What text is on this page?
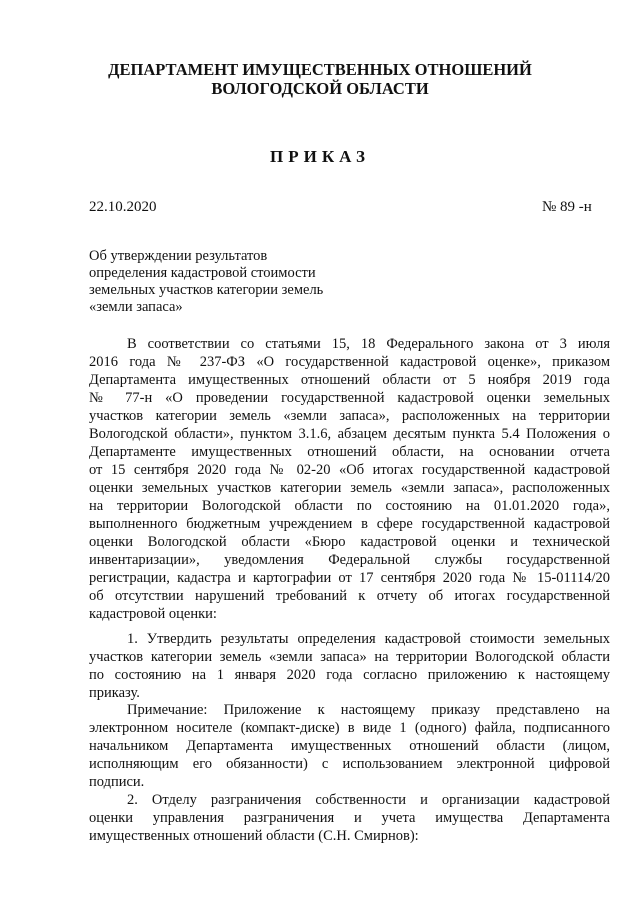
ДЕПАРТАМЕНТ ИМУЩЕСТВЕННЫХ ОТНОШЕНИЙ
ВОЛОГОДСКОЙ ОБЛАСТИ
ПРИКАЗ
22.10.2020	№ 89 -н
Об утверждении результатов
определения кадастровой стоимости
земельных участков категории земель
«земли запаса»
В соответствии со статьями 15, 18 Федерального закона от 3 июля
2016 года № 237-ФЗ «О государственной кадастровой оценке», приказом
Департамента имущественных отношений области от 5 ноября 2019 года
№ 77-н «О проведении государственной кадастровой оценки земельных
участков категории земель «земли запаса», расположенных на территории
Вологодской области», пунктом 3.1.6, абзацем десятым пункта 5.4 Положения о
Департаменте имущественных отношений области, на основании отчета
от 15 сентября 2020 года № 02-20 «Об итогах государственной кадастровой
оценки земельных участков категории земель «земли запаса», расположенных
на территории Вологодской области по состоянию на 01.01.2020 года»,
выполненного бюджетным учреждением в сфере государственной кадастровой
оценки Вологодской области «Бюро кадастровой оценки и технической
инвентаризации», уведомления Федеральной службы государственной
регистрации, кадастра и картографии от 17 сентября 2020 года № 15-01114/20
об отсутствии нарушений требований к отчету об итогах государственной
кадастровой оценки:
1. Утвердить результаты определения кадастровой стоимости земельных
участков категории земель «земли запаса» на территории Вологодской области
по состоянию на 1 января 2020 года согласно приложению к настоящему
приказу.
Примечание: Приложение к настоящему приказу представлено на
электронном носителе (компакт-диске) в виде 1 (одного) файла, подписанного
начальником Департамента имущественных отношений области (лицом,
исполняющим его обязанности) с использованием электронной цифровой
подписи.
2. Отделу разграничения собственности и организации кадастровой
оценки управления разграничения и учета имущества Департамента
имущественных отношений области (С.Н. Смирнов):
